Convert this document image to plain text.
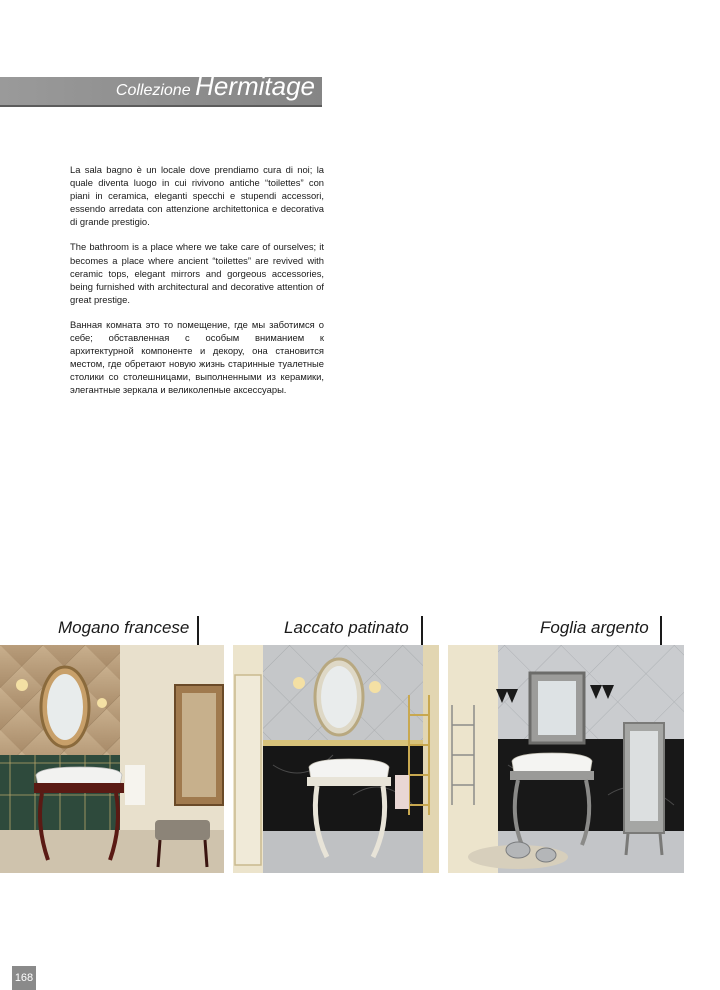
Collezione Hermitage

La sala bagno è un locale dove prendiamo cura di noi; la quale diventa luogo in cui rivivono antiche “toilettes” con piani in ceramica, eleganti specchi e stupendi accessori, essendo arredata con attenzione architettonica e decorativa di grande prestigio.

The bathroom is a place where we take care of ourselves; it becomes a place where ancient “toilettes” are revived with ceramic tops, elegant mirrors and gorgeous accessories, being furnished with architectural and decorative attention of great prestige.

Ванная комната это то помещение, где мы заботимся о себе; обставленная с особым вниманием к архитектурной компоненте и декору, она становится местом, где обретают новую жизнь старинные туалетные столики со столешницами, выполненными из керамики, элегантные зеркала и великолепные аксессуары.

Mogano francese	Laccato patinato	Foglia argento
168
